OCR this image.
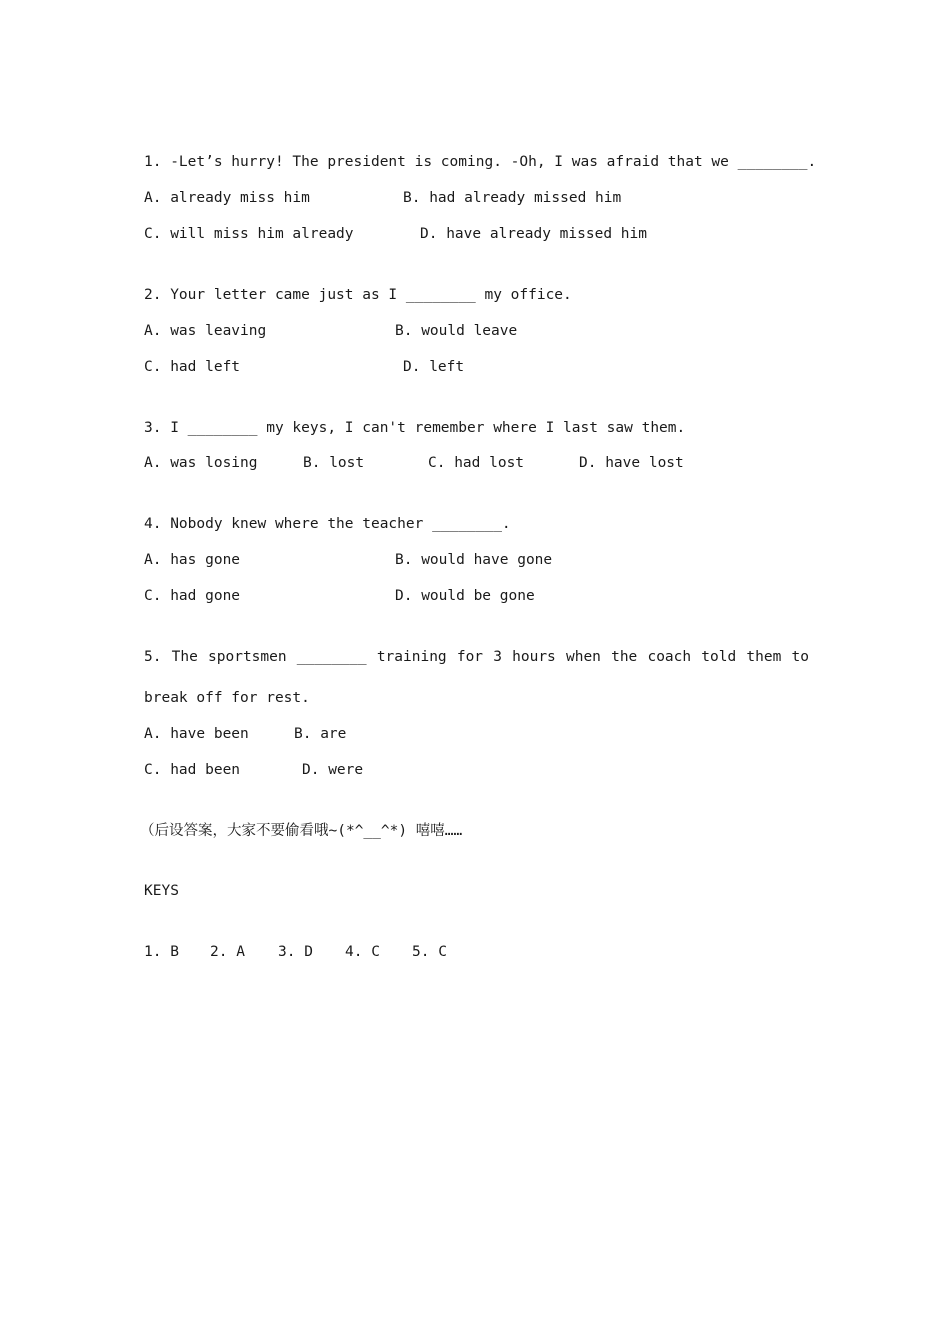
1. -Let’s hurry! The president is coming. -Oh, I was afraid that we ________.
A. already miss him	B. had already missed him
C. will miss him already	D. have already missed him
2. Your letter came just as I ________ my office.
A. was leaving	B. would leave
C. had left	D. left
3. I ________ my keys, I can't remember where I last saw them.
A. was losing	B. lost	C. had lost	D. have lost
4. Nobody knew where the teacher ________.
A. has gone	B. would have gone
C. had gone	D. would be gone
5. The sportsmen ________ training for 3 hours when the coach told them to
break off for rest.
A. have been	B. are
C. had been	D. were
（后设答案，大家不要偷看哦~(*^__^*) 嘻嘻……
KEYS
1. B 2. A 3. D 4. C 5. C
